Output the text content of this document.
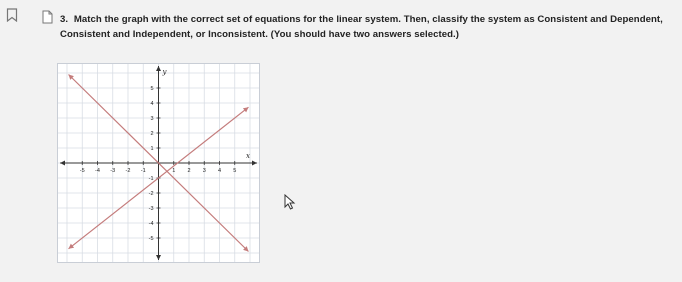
3. Match the graph with the correct set of equations for the linear system. Then, classify the system as Consistent and Dependent, Consistent and Independent, or Inconsistent. (You should have two answers selected.)
x
y
-5 -4 -3 -2 -1	1 2 3 4 5
5
4
3
2
1
-1
-2
-3
-4
-5
